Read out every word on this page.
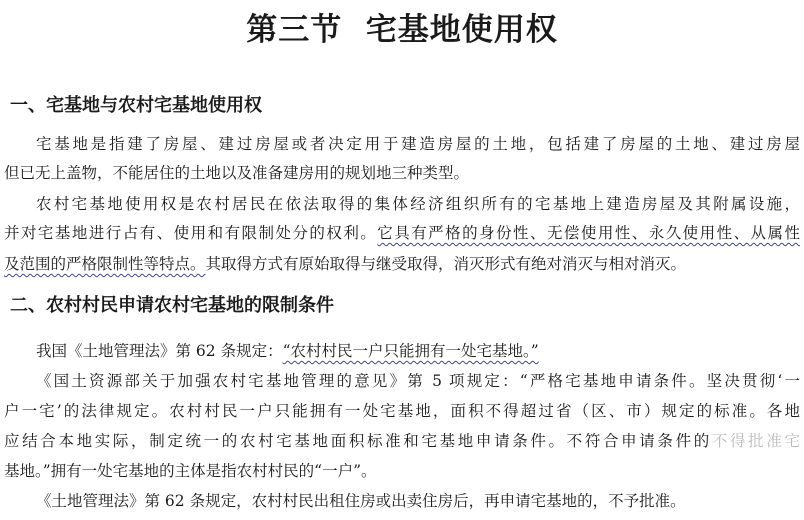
第三节  宅基地使用权
一、宅基地与农村宅基地使用权
宅基地是指建了房屋、建过房屋或者决定用于建造房屋的土地，包括建了房屋的土地、建过房屋
但已无上盖物，不能居住的土地以及准备建房用的规划地三种类型。
农村宅基地使用权是农村居民在依法取得的集体经济组织所有的宅基地上建造房屋及其附属设施，
并对宅基地进行占有、使用和有限制处分的权利。它具有严格的身份性、无偿使用性、永久使用性、从属性
及范围的严格限制性等特点。其取得方式有原始取得与继受取得，消灭形式有绝对消灭与相对消灭。
二、农村村民申请农村宅基地的限制条件
我国《土地管理法》第 62 条规定：“农村村民一户只能拥有一处宅基地。”
《国土资源部关于加强农村宅基地管理的意见》第 5 项规定：“严格宅基地申请条件。坚决贯彻‘一
户一宅’的法律规定。农村村民一户只能拥有一处宅基地，面积不得超过省（区、市）规定的标准。各地
应结合本地实际，制定统一的农村宅基地面积标准和宅基地申请条件。不符合申请条件的不得批准宅
基地。”拥有一处宅基地的主体是指农村村民的“一户”。
《土地管理法》第 62 条规定，农村村民出租住房或出卖住房后，再申请宅基地的，不予批准。
